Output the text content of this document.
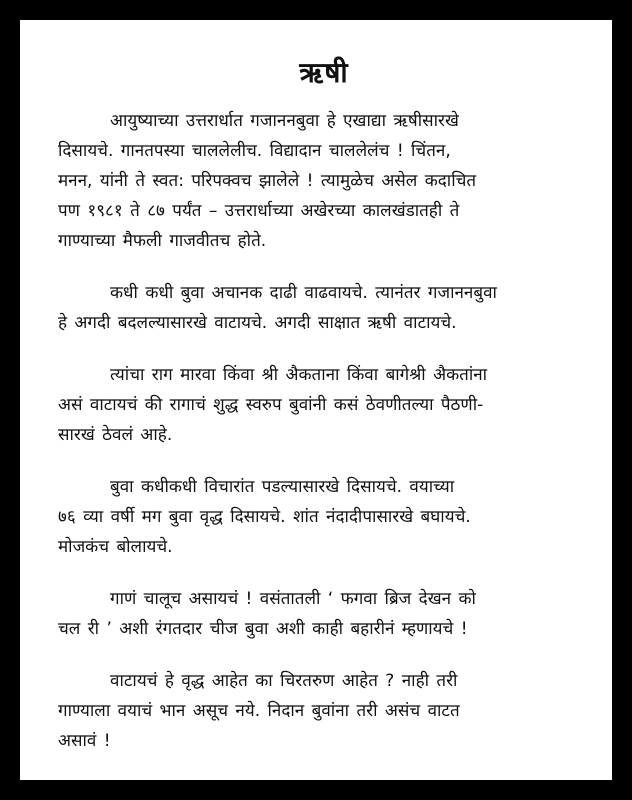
ऋषी

आयुष्याच्या उत्तरार्धात गजाननबुवा हे एखाद्या ऋषीसारखे
दिसायचे. गानतपस्या चाललेलीच. विद्यादान चाललेलंच ! चिंतन,
मनन, यांनी ते स्वत: परिपक्वच झालेले ! त्यामुळेच असेल कदाचित
पण १९८१ ते ८७ पर्यंत – उत्तरार्धाच्या अखेरच्या कालखंडातही ते
गाण्याच्या मैफली गाजवीतच होते.

कधी कधी बुवा अचानक दाढी वाढवायचे. त्यानंतर गजाननबुवा
हे अगदी बदलल्यासारखे वाटायचे. अगदी साक्षात ऋषी वाटायचे.

त्यांचा राग मारवा किंवा श्री अैकताना किंवा बागेश्री अैकतांना
असं वाटायचं की रागाचं शुद्ध स्वरुप बुवांनी कसं ठेवणीतल्या पैठणी-
सारखं ठेवलं आहे.

बुवा कधीकधी विचारांत पडल्यासारखे दिसायचे. वयाच्या
७६ व्या वर्षी मग बुवा वृद्ध दिसायचे. शांत नंदादीपासारखे बघायचे.
मोजकंच बोलायचे.

गाणं चालूच असायचं ! वसंतातली ‘ फगवा ब्रिज देखन को
चल री ’ अशी रंगतदार चीज बुवा अशी काही बहारीनं म्हणायचे !

वाटायचं हे वृद्ध आहेत का चिरतरुण आहेत ? नाही तरी
गाण्याला वयाचं भान असूच नये. निदान बुवांना तरी असंच वाटत
असावं !
